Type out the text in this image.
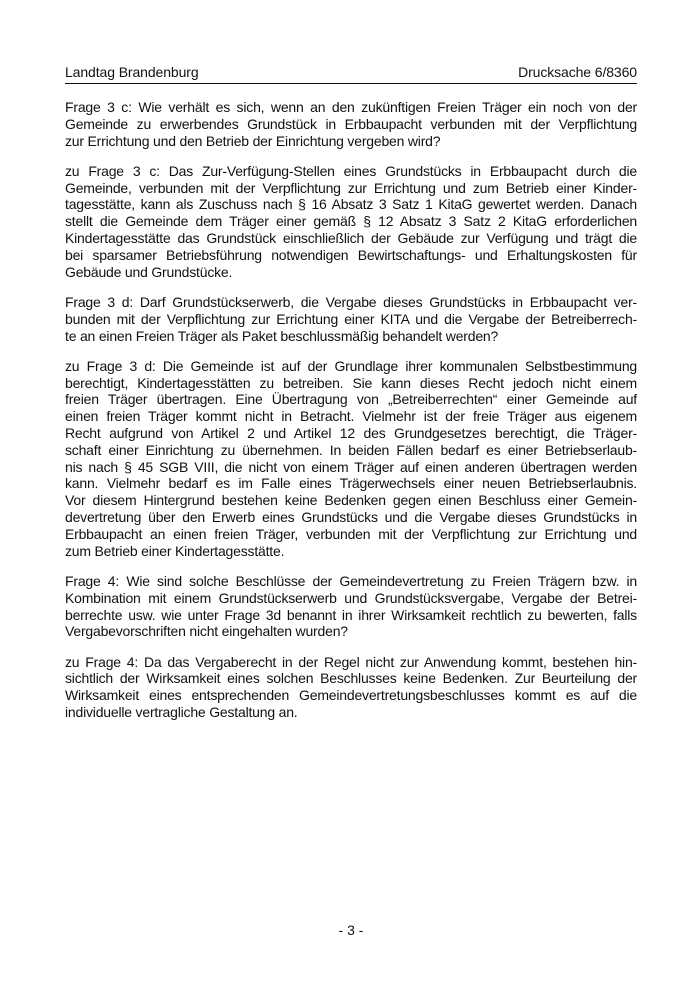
Landtag Brandenburg	Drucksache 6/8360

Frage 3 c: Wie verhält es sich, wenn an den zukünftigen Freien Träger ein noch von der
Gemeinde zu erwerbendes Grundstück in Erbbaupacht verbunden mit der Verpflichtung
zur Errichtung und den Betrieb der Einrichtung vergeben wird?

zu Frage 3 c: Das Zur-Verfügung-Stellen eines Grundstücks in Erbbaupacht durch die
Gemeinde, verbunden mit der Verpflichtung zur Errichtung und zum Betrieb einer Kinder-
tagesstätte, kann als Zuschuss nach § 16 Absatz 3 Satz 1 KitaG gewertet werden. Danach
stellt die Gemeinde dem Träger einer gemäß § 12 Absatz 3 Satz 2 KitaG erforderlichen
Kindertagesstätte das Grundstück einschließlich der Gebäude zur Verfügung und trägt die
bei sparsamer Betriebsführung notwendigen Bewirtschaftungs- und Erhaltungskosten für
Gebäude und Grundstücke.

Frage 3 d: Darf Grundstückserwerb, die Vergabe dieses Grundstücks in Erbbaupacht ver-
bunden mit der Verpflichtung zur Errichtung einer KITA und die Vergabe der Betreiberrech-
te an einen Freien Träger als Paket beschlussmäßig behandelt werden?

zu Frage 3 d: Die Gemeinde ist auf der Grundlage ihrer kommunalen Selbstbestimmung
berechtigt, Kindertagesstätten zu betreiben. Sie kann dieses Recht jedoch nicht einem
freien Träger übertragen. Eine Übertragung von „Betreiberrechten“ einer Gemeinde auf
einen freien Träger kommt nicht in Betracht. Vielmehr ist der freie Träger aus eigenem
Recht aufgrund von Artikel 2 und Artikel 12 des Grundgesetzes berechtigt, die Träger-
schaft einer Einrichtung zu übernehmen. In beiden Fällen bedarf es einer Betriebserlaub-
nis nach § 45 SGB VIII, die nicht von einem Träger auf einen anderen übertragen werden
kann. Vielmehr bedarf es im Falle eines Trägerwechsels einer neuen Betriebserlaubnis.
Vor diesem Hintergrund bestehen keine Bedenken gegen einen Beschluss einer Gemein-
devertretung über den Erwerb eines Grundstücks und die Vergabe dieses Grundstücks in
Erbbaupacht an einen freien Träger, verbunden mit der Verpflichtung zur Errichtung und
zum Betrieb einer Kindertagesstätte.

Frage 4: Wie sind solche Beschlüsse der Gemeindevertretung zu Freien Trägern bzw. in
Kombination mit einem Grundstückserwerb und Grundstücksvergabe, Vergabe der Betrei-
berrechte usw. wie unter Frage 3d benannt in ihrer Wirksamkeit rechtlich zu bewerten, falls
Vergabevorschriften nicht eingehalten wurden?

zu Frage 4: Da das Vergaberecht in der Regel nicht zur Anwendung kommt, bestehen hin-
sichtlich der Wirksamkeit eines solchen Beschlusses keine Bedenken. Zur Beurteilung der
Wirksamkeit eines entsprechenden Gemeindevertretungsbeschlusses kommt es auf die
individuelle vertragliche Gestaltung an.

- 3 -
